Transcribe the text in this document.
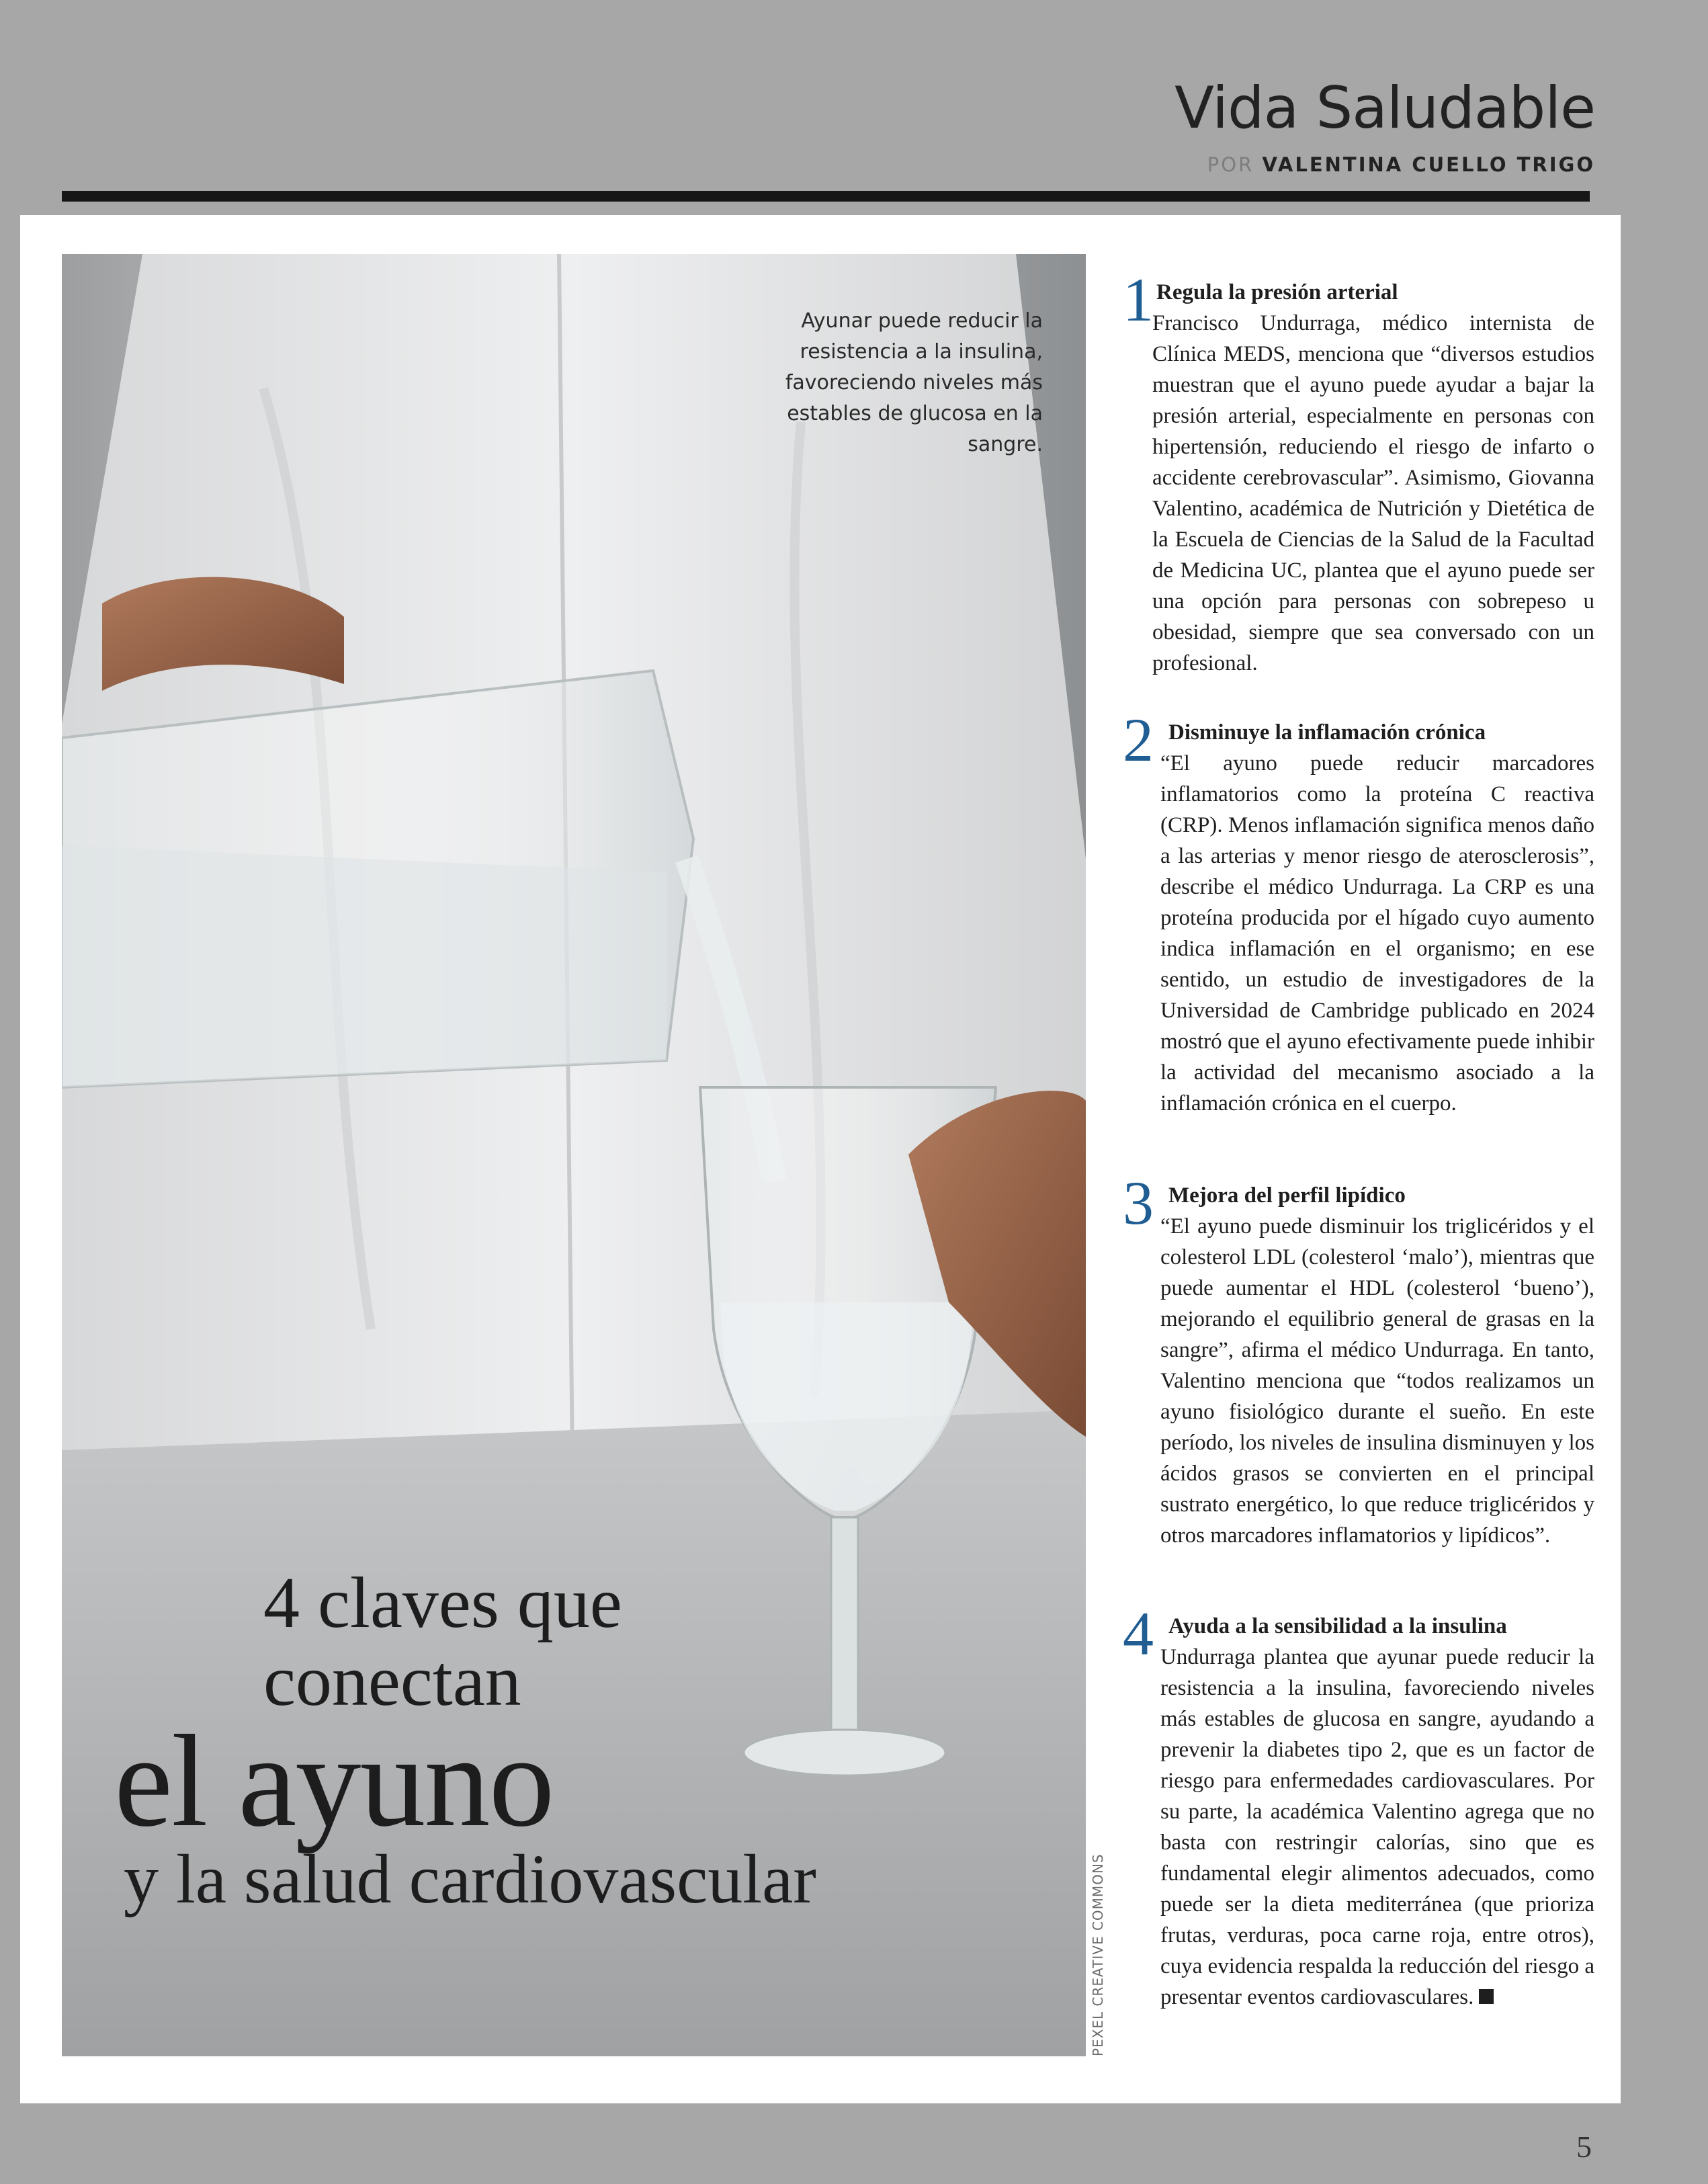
Vida Saludable
POR VALENTINA CUELLO TRIGO
Ayunar puede reducir la resistencia a la insulina, favoreciendo niveles más estables de glucosa en la sangre.
4 claves que
conectan
el ayuno
y la salud cardiovascular	PEXEL CREATIVE COMMONS
1 Regula la presión arterial

Francisco Undurraga, médico internista de Clínica MEDS, menciona que “diversos estudios muestran que el ayuno puede ayudar a bajar la presión arterial, especialmente en personas con hipertensión, reduciendo el riesgo de infarto o accidente cerebrovascular”. Asimismo, Giovanna Valentino, académica de Nutrición y Dietética de la Escuela de Ciencias de la Salud de la Facultad de Medicina UC, plantea que el ayuno puede ser una opción para personas con sobrepeso u obesidad, siempre que sea conversado con un profesional.

2 Disminuye la inflamación crónica

“El ayuno puede reducir marcadores inflamatorios como la proteína C reactiva (CRP). Menos inflamación significa menos daño a las arterias y menor riesgo de aterosclerosis”, describe el médico Undurraga. La CRP es una proteína producida por el hígado cuyo aumento indica inflamación en el organismo; en ese sentido, un estudio de investigadores de la Universidad de Cambridge publicado en 2024 mostró que el ayuno efectivamente puede inhibir la actividad del mecanismo asociado a la inflamación crónica en el cuerpo.

3 Mejora del perfil lipídico

“El ayuno puede disminuir los triglicéridos y el colesterol LDL (colesterol ‘malo’), mientras que puede aumentar el HDL (colesterol ‘bueno’), mejorando el equilibrio general de grasas en la sangre”, afirma el médico Undurraga. En tanto, Valentino menciona que “todos realizamos un ayuno fisiológico durante el sueño. En este período, los niveles de insulina disminuyen y los ácidos grasos se convierten en el principal sustrato energético, lo que reduce triglicéridos y otros marcadores inflamatorios y lipídicos”.

4 Ayuda a la sensibilidad a la insulina

Undurraga plantea que ayunar puede reducir la resistencia a la insulina, favoreciendo niveles más estables de glucosa en sangre, ayudando a prevenir la diabetes tipo 2, que es un factor de riesgo para enfermedades cardiovasculares. Por su parte, la académica Valentino agrega que no basta con restringir calorías, sino que es fundamental elegir alimentos adecuados, como puede ser la dieta mediterránea (que prioriza frutas, verduras, poca carne roja, entre otros), cuya evidencia respalda la reducción del riesgo a presentar eventos cardiovasculares.

5
